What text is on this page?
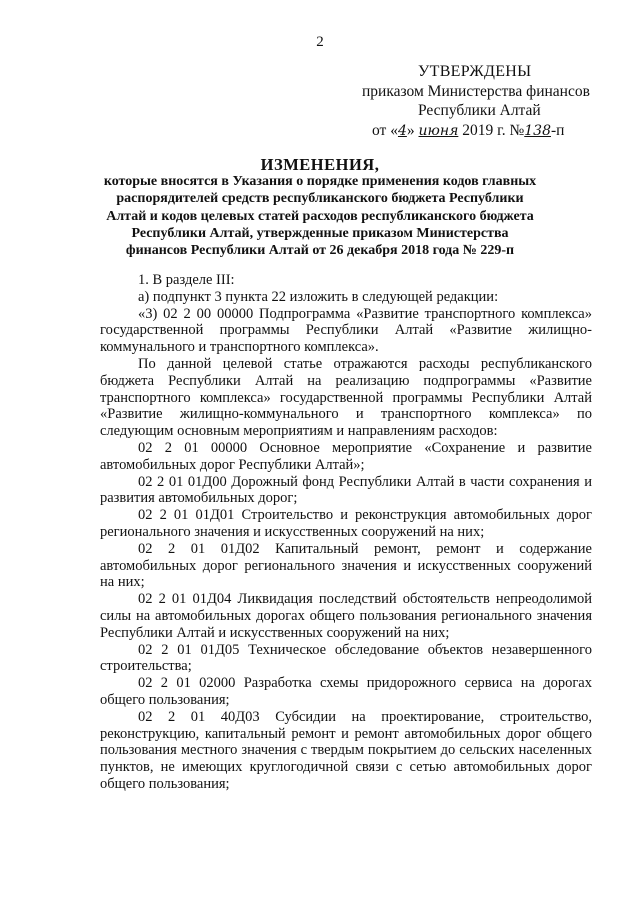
2
УТВЕРЖДЕНЫ
приказом Министерства финансов
Республики Алтай
от «4» июня 2019 г. №138-п
ИЗМЕНЕНИЯ,
которые вносятся в Указания о порядке применения кодов главных распорядителей средств республиканского бюджета Республики Алтай и кодов целевых статей расходов республиканского бюджета Республики Алтай, утвержденные приказом Министерства финансов Республики Алтай от 26 декабря 2018 года № 229-п

1. В разделе III:

а) подпункт 3 пункта 22 изложить в следующей редакции:

«3) 02 2 00 00000 Подпрограмма «Развитие транспортного комплекса» государственной программы Республики Алтай «Развитие жилищно-коммунального и транспортного комплекса».

По данной целевой статье отражаются расходы республиканского бюджета Республики Алтай на реализацию подпрограммы «Развитие транспортного комплекса» государственной программы Республики Алтай «Развитие жилищно-коммунального и транспортного комплекса» по следующим основным мероприятиям и направлениям расходов:

02 2 01 00000 Основное мероприятие «Сохранение и развитие автомобильных дорог Республики Алтай»;

02 2 01 01Д00 Дорожный фонд Республики Алтай в части сохранения и развития автомобильных дорог;

02 2 01 01Д01 Строительство и реконструкция автомобильных дорог регионального значения и искусственных сооружений на них;

02 2 01 01Д02 Капитальный ремонт, ремонт и содержание автомобильных дорог регионального значения и искусственных сооружений на них;

02 2 01 01Д04 Ликвидация последствий обстоятельств непреодолимой силы на автомобильных дорогах общего пользования регионального значения Республики Алтай и искусственных сооружений на них;

02 2 01 01Д05 Техническое обследование объектов незавершенного строительства;

02 2 01 02000 Разработка схемы придорожного сервиса на дорогах общего пользования;

02 2 01 40Д03 Субсидии на проектирование, строительство, реконструкцию, капитальный ремонт и ремонт автомобильных дорог общего пользования местного значения с твердым покрытием до сельских населенных пунктов, не имеющих круглогодичной связи с сетью автомобильных дорог общего пользования;
